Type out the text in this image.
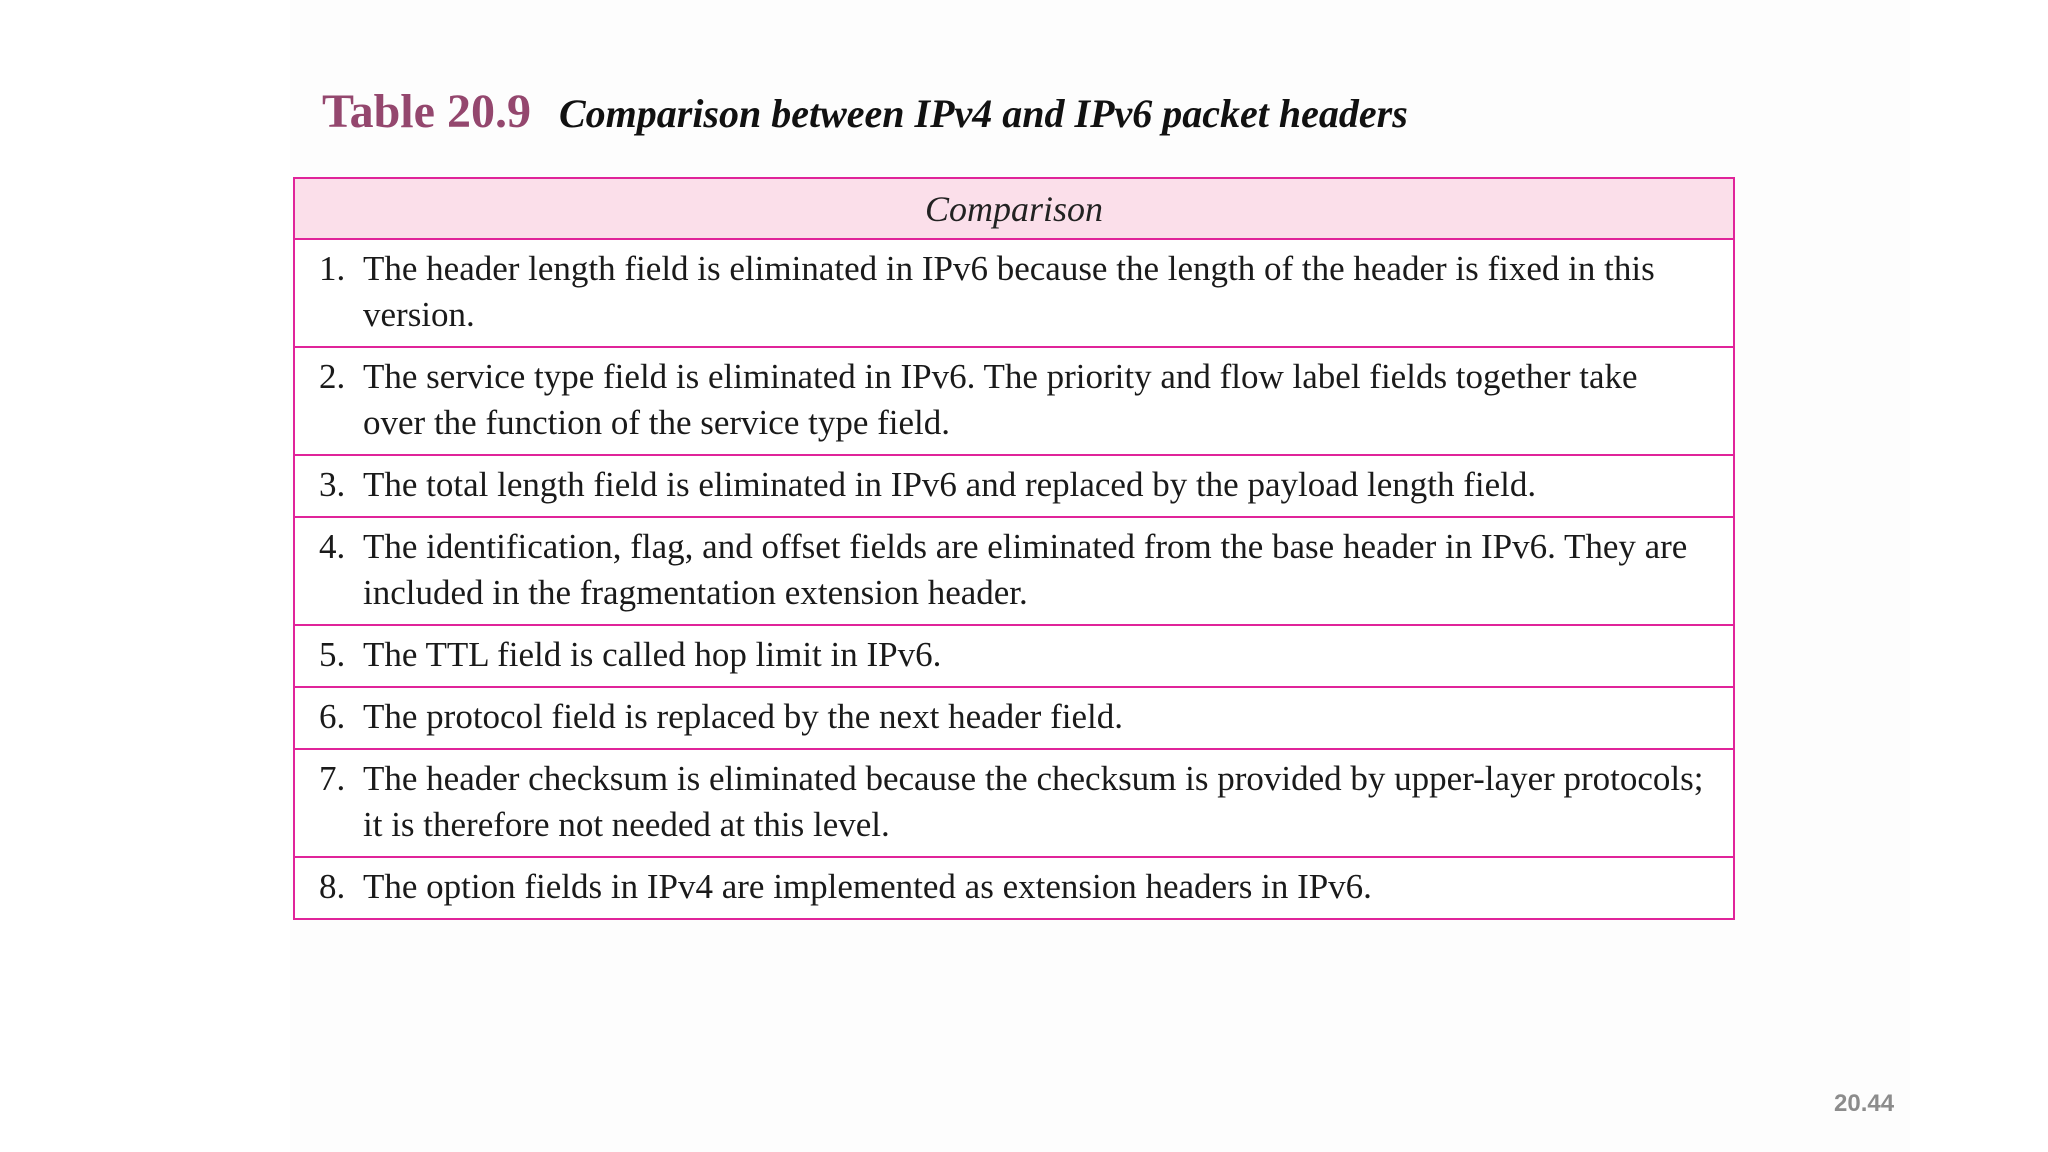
Table 20.9 Comparison between IPv4 and IPv6 packet headers
Comparison

1. The header length field is eliminated in IPv6 because the length of the header is fixed in this version.

2. The service type field is eliminated in IPv6. The priority and flow label fields together take over the function of the service type field.

3. The total length field is eliminated in IPv6 and replaced by the payload length field.

4. The identification, flag, and offset fields are eliminated from the base header in IPv6. They are included in the fragmentation extension header.

5. The TTL field is called hop limit in IPv6.

6. The protocol field is replaced by the next header field.

7. The header checksum is eliminated because the checksum is provided by upper-layer protocols; it is therefore not needed at this level.

8. The option fields in IPv4 are implemented as extension headers in IPv6.
20.44
